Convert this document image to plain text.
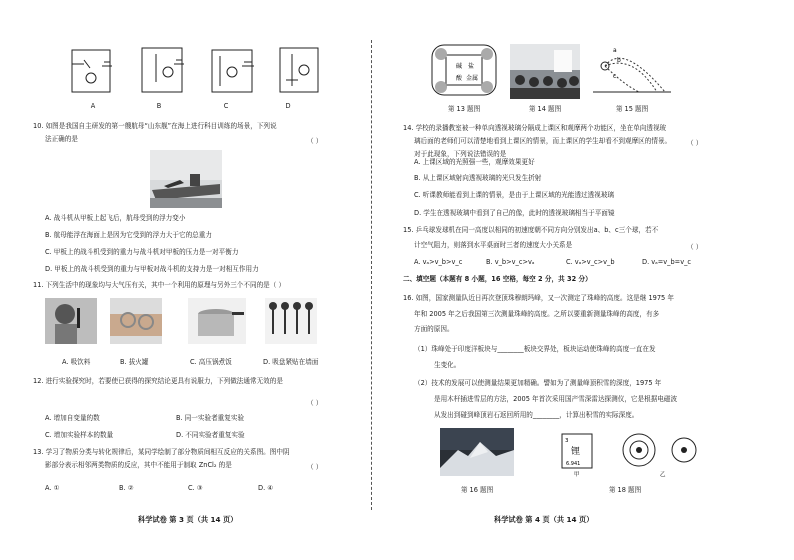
A	B	C	D
10. 如图是我国自主研发的第一艘航母“山东舰”在海上进行科目训练的场景，下列说
法正确的是	（ ）
A. 战斗机从甲板上起飞后，航母受到的浮力变小
B. 航母能浮在海面上是因为它受到的浮力大于它的总重力
C. 甲板上的战斗机受到的重力与战斗机对甲板的压力是一对平衡力
D. 甲板上的战斗机受到的重力与甲板对战斗机的支持力是一对相互作用力
11. 下列生活中的现象均与大气压有关，其中一个利用的原理与另外三个不同的是（ ）
A. 吸饮料	B. 拔火罐	C. 高压锅煮饭	D. 吸盘紧贴在墙面
12. 进行实验探究时，若要使已获得的探究结论更具有说服力，下列做法通常无效的是
（ ）
A. 增加自变量的数	B. 同一实验者重复实验
C. 增加实验样本的数量	D. 不同实验者重复实验
13. 学习了物质分类与转化规律后，某同学绘制了部分物质间相互反应的关系图。图中阴
影部分表示相邻两类物质的反应，其中不能用于制取 ZnCl₂ 的是	（ ）
A. ①	B. ②	C. ③	D. ④
科学试卷 第 3 页（共 14 页）
碱 盐
酸 金属
a
b
c
第 13 题图	第 14 题图	第 15 题图
14. 学校的录播教室被一种单向透视玻璃分隔成上课区和观摩两个功能区，坐在单向透视玻
璃后面的老师们可以清楚地看到上课区的情景，而上课区的学生却看不到观摩区的情景。
对于此现象，下列说法错误的是
（ ）
A. 上课区域的光照强一些，观摩效果更好
B. 从上课区域射向透视玻璃的光只发生折射
C. 听课教师能看到上课的情景，是由于上课区域的光能透过透视玻璃
D. 学生在透视玻璃中看到了自己的像，此时的透视玻璃相当于平面镜
15. 乒乓球发球机在同一高度以相同的初速度朝不同方向分别发出a、b、c三个球，若不
计空气阻力，则落到水平桌面时三者的速度大小关系是	（ ）
A. vₐ>v_b>v_c	B. v_b>v_c>vₐ	C. vₐ>v_c>v_b	D. vₐ=v_b=v_c
二、填空题（本题有 8 小题，16 空格，每空 2 分，共 32 分）
16. 如图，国家测量队近日再次登顶珠穆朗玛峰，又一次测定了珠峰的高度。这是继 1975 年
年和 2005 年之后我国第三次测量珠峰的高度。之所以要重新测量珠峰的高度，有多
方面的原因。
（1）珠峰处于印度洋板块与________板块交界处，板块运动使珠峰的高度一直在发
生变化。
（2）技术的发展可以使测量结果更加精确。譬如为了测量峰顶积雪的深度，1975 年
是用木杆插进雪层的方法，2005 年首次采用国产雪深雷达探测仪，它是根据电磁波
从发出到碰到峰顶岩石返回所用的________，计算出积雪的实际深度。
3
锂
6.941
甲	乙
第 16 题图	第 18 题图
科学试卷 第 4 页（共 14 页）
